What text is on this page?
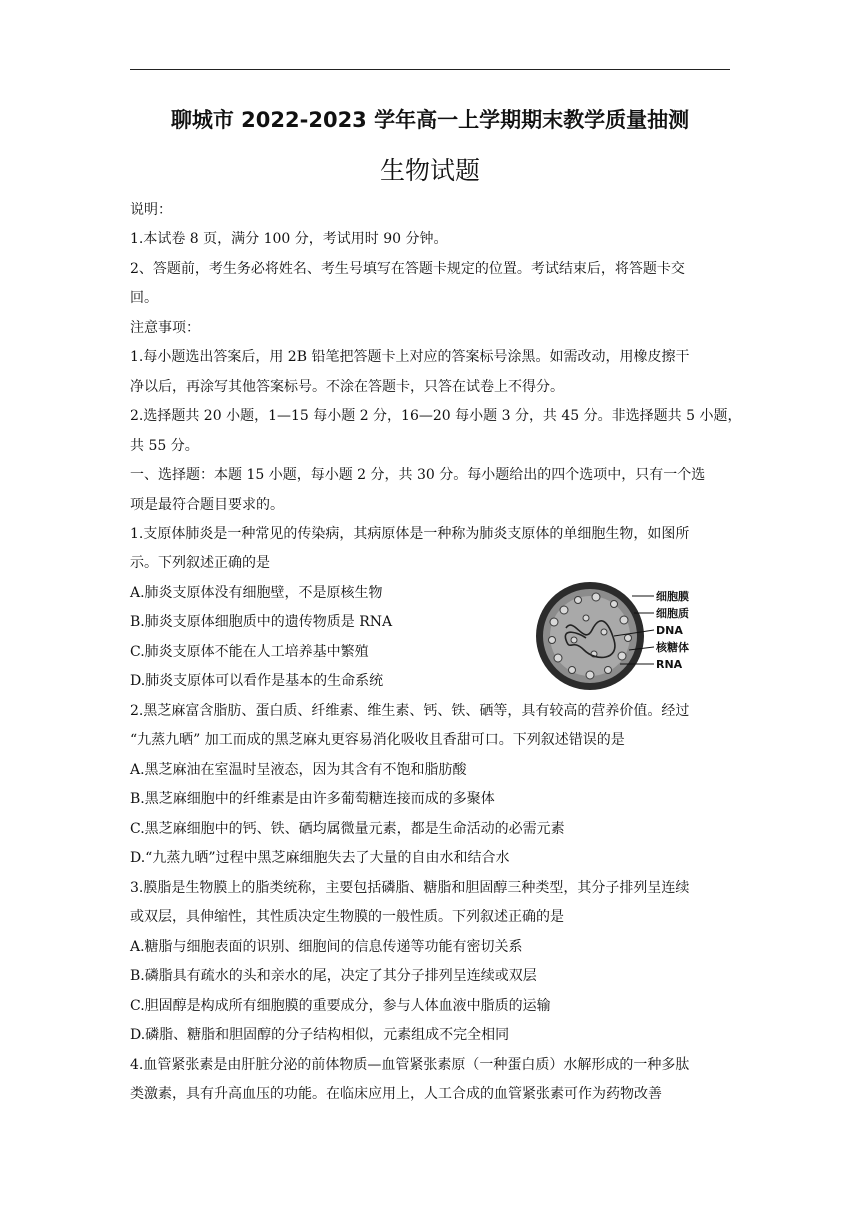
聊城市 2022-2023 学年高一上学期期末教学质量抽测
生物试题
说明：
1.本试卷 8 页，满分 100 分，考试用时 90 分钟。
2、答题前，考生务必将姓名、考生号填写在答题卡规定的位置。考试结束后，将答题卡交
回。
注意事项：
1.每小题选出答案后，用 2B 铅笔把答题卡上对应的答案标号涂黑。如需改动，用橡皮擦干
净以后，再涂写其他答案标号。不涂在答题卡，只答在试卷上不得分。
2.选择题共 20 小题，1—15 每小题 2 分，16—20 每小题 3 分，共 45 分。非选择题共 5 小题，
共 55 分。
一、选择题：本题 15 小题，每小题 2 分，共 30 分。每小题给出的四个选项中，只有一个选
项是最符合题目要求的。
1.支原体肺炎是一种常见的传染病，其病原体是一种称为肺炎支原体的单细胞生物，如图所
示。下列叙述正确的是
A.肺炎支原体没有细胞壁，不是原核生物
B.肺炎支原体细胞质中的遗传物质是 RNA
C.肺炎支原体不能在人工培养基中繁殖
D.肺炎支原体可以看作是基本的生命系统
2.黑芝麻富含脂肪、蛋白质、纤维素、维生素、钙、铁、硒等，具有较高的营养价值。经过
“九蒸九晒” 加工而成的黑芝麻丸更容易消化吸收且香甜可口。下列叙述错误的是
A.黑芝麻油在室温时呈液态，因为其含有不饱和脂肪酸
B.黑芝麻细胞中的纤维素是由许多葡萄糖连接而成的多聚体
C.黑芝麻细胞中的钙、铁、硒均属微量元素，都是生命活动的必需元素
D.“九蒸九晒”过程中黑芝麻细胞失去了大量的自由水和结合水
3.膜脂是生物膜上的脂类统称，主要包括磷脂、糖脂和胆固醇三种类型，其分子排列呈连续
或双层，具伸缩性，其性质决定生物膜的一般性质。下列叙述正确的是
A.糖脂与细胞表面的识别、细胞间的信息传递等功能有密切关系
B.磷脂具有疏水的头和亲水的尾，决定了其分子排列呈连续或双层
C.胆固醇是构成所有细胞膜的重要成分，参与人体血液中脂质的运输
D.磷脂、糖脂和胆固醇的分子结构相似，元素组成不完全相同
4.血管紧张素是由肝脏分泌的前体物质—血管紧张素原（一种蛋白质）水解形成的一种多肽
类激素，具有升高血压的功能。在临床应用上，人工合成的血管紧张素可作为药物改善
细胞膜
细胞质
DNA
核糖体
RNA
